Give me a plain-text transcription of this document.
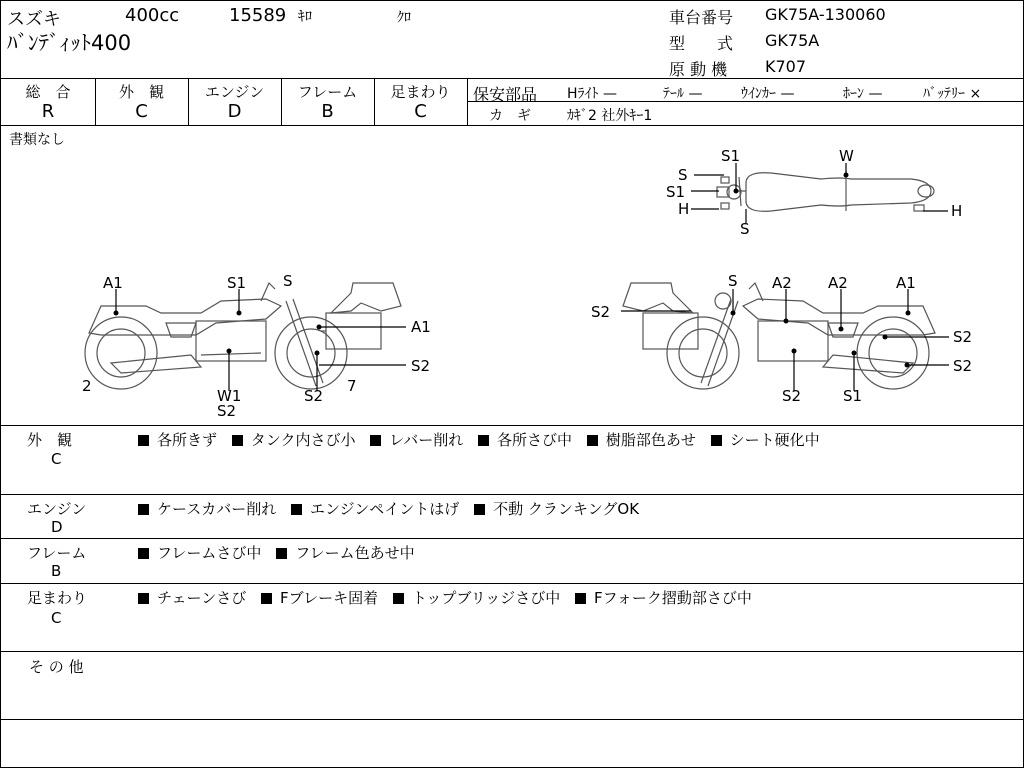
スズキ	400cc	15589 ｷﾛ	ｸﾛ
ﾊﾞﾝﾃﾞｨｯﾄ400
車台番号 GK75A-130060
型　　式 GK75A
原 動 機 K707
総　合
R
外　観
C
エンジン
D
フレーム
B
足まわり
C
保安部品 Hﾗｲﾄ —	ﾃｰﾙ —	ｳｲﾝｶｰ —	ﾎｰﾝ —	ﾊﾞｯﾃﾘｰ ×
カ　ギ	ｶｷﾞ2 社外ｷｰ1
書類なし
S1	W
S
S1
H
S
H
A1	S1 S
A1
S2
2
W1
S2
S2
7
S A2 A2	A1
S2
S2
S2
S2	S1
外　観
C
各所きず タンク内さび小 レバー削れ 各所さび中 樹脂部色あせ シート硬化中
エンジン
D
ケースカバー削れ エンジンペイントはげ 不動 クランキングOK
フレーム
B
フレームさび中 フレーム色あせ中
足まわり
C
チェーンさび Fブレーキ固着 トップブリッジさび中 Fフォーク摺動部さび中
そ の 他
